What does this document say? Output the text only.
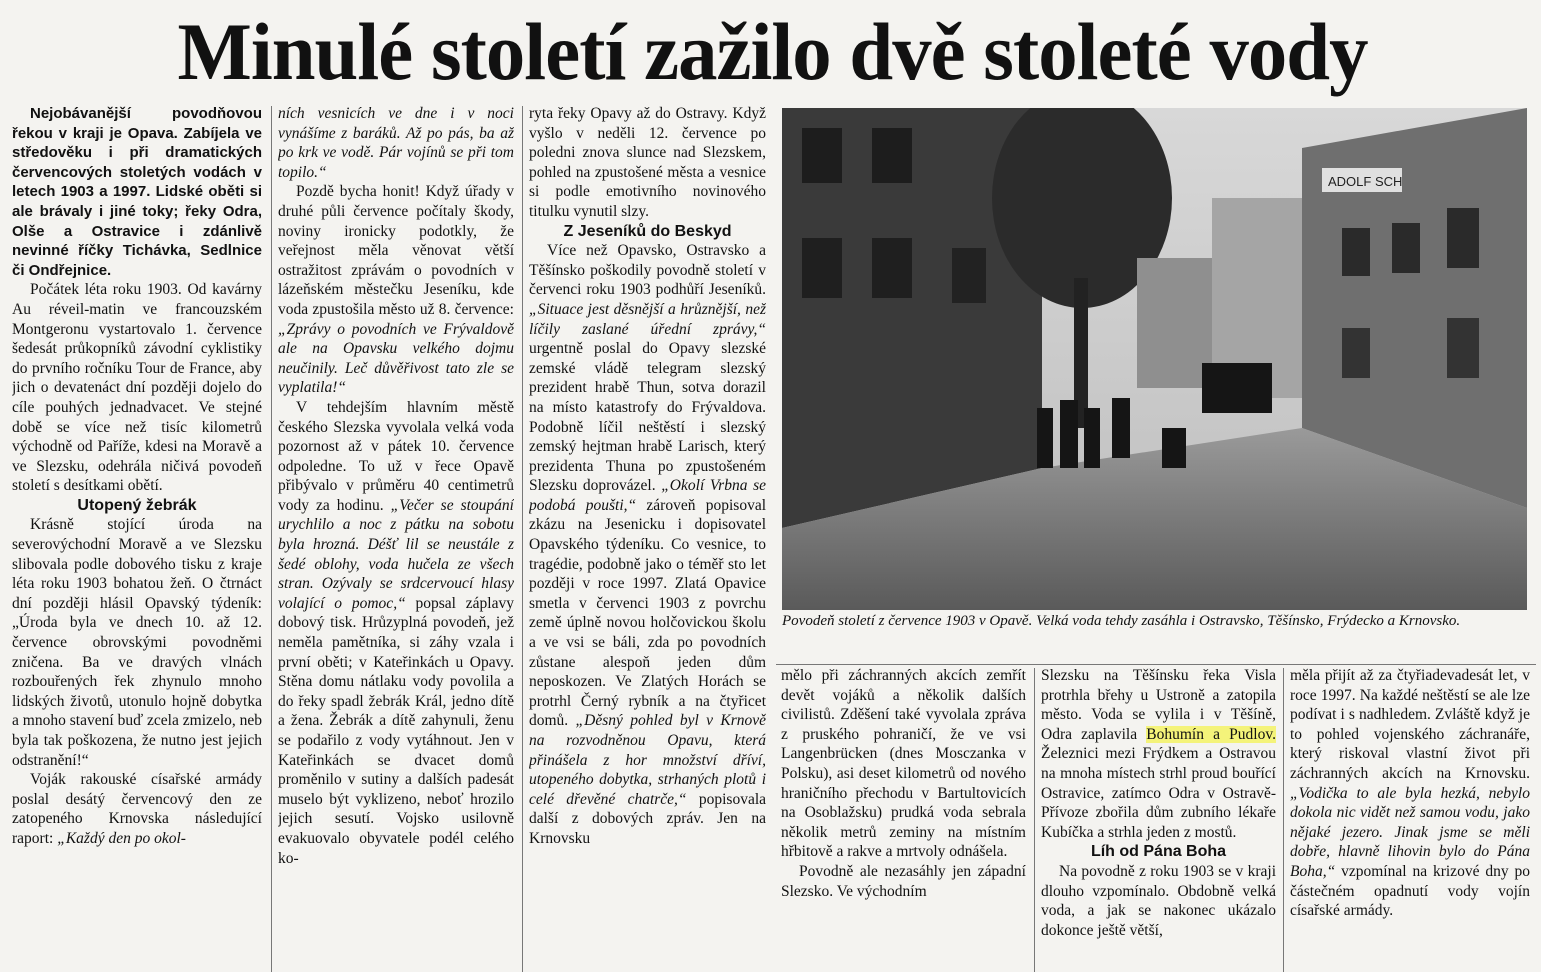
Minulé století zažilo dvě stoleté vody

Nejobávanější povodňovou řekou v kraji je Opava. Zabíjela ve středověku i při dramatických červencových stoletých vodách v letech 1903 a 1997. Lidské oběti si ale brávaly i jiné toky; řeky Odra, Olše a Ostravice i zdánlivě nevinné říčky Tichávka, Sedlnice či Ondřejnice.

Počátek léta roku 1903. Od kavárny Au réveil-matin ve francouzském Montgeronu vystartovalo 1. července šedesát průkopníků závodní cyklistiky do prvního ročníku Tour de France, aby jich o devatenáct dní později dojelo do cíle pouhých jednadvacet. Ve stejné době se více než tisíc kilometrů východně od Paříže, kdesi na Moravě a ve Slezsku, odehrála ničivá povodeň století s desítkami obětí.

Utopený žebrák

Krásně stojící úroda na severovýchodní Moravě a ve Slezsku slibovala podle dobového tisku z kraje léta roku 1903 bohatou žeň. O čtrnáct dní později hlásil Opavský týdeník: „Úroda byla ve dnech 10. až 12. července obrovskými povodněmi zničena. Ba ve dravých vlnách rozbouřených řek zhynulo mnoho lidských životů, utonulo hojně dobytka a mnoho stavení buď zcela zmizelo, neb byla tak poškozena, že nutno jest jejich odstranění!“

Voják rakouské císařské armády poslal desátý červencový den ze zatopeného Krnovska následující raport: „Každý den po okol-

ních vesnicích ve dne i v noci vynášíme z baráků. Až po pás, ba až po krk ve vodě. Pár vojínů se při tom topilo.“

Pozdě bycha honit! Když úřady v druhé půli července počítaly škody, noviny ironicky podotkly, že veřejnost měla věnovat větší ostražitost zprávám o povodních v lázeňském městečku Jeseníku, kde voda zpustošila město už 8. července: „Zprávy o povodních ve Frývaldově ale na Opavsku velkého dojmu neučinily. Leč důvěřivost tato zle se vyplatila!“

V tehdejším hlavním městě českého Slezska vyvolala velká voda pozornost až v pátek 10. července odpoledne. To už v řece Opavě přibývalo v průměru 40 centimetrů vody za hodinu. „Večer se stoupání urychlilo a noc z pátku na sobotu byla hrozná. Déšť lil se neustále z šedé oblohy, voda hučela ze všech stran. Ozývaly se srdcervoucí hlasy volající o pomoc,“ popsal záplavy dobový tisk. Hrůzyplná povodeň, jež neměla pamětníka, si záhy vzala i první oběti; v Kateřinkách u Opavy. Stěna domu nátlaku vody povolila a do řeky spadl žebrák Král, jedno dítě a žena. Žebrák a dítě zahynuli, ženu se podařilo z vody vytáhnout. Jen v Kateřinkách se dvacet domů proměnilo v sutiny a dalších padesát muselo být vyklizeno, neboť hrozilo jejich sesutí. Vojsko usilovně evakuovalo obyvatele podél celého ko-

ryta řeky Opavy až do Ostravy. Když vyšlo v neděli 12. července po poledni znova slunce nad Slezskem, pohled na zpustošené města a vesnice si podle emotivního novinového titulku vynutil slzy.

Z Jeseníků do Beskyd

Více než Opavsko, Ostravsko a Těšínsko poškodily povodně století v červenci roku 1903 podhůří Jeseníků. „Situace jest děsnější a hrůznější, než líčily zaslané úřední zprávy,“ urgentně poslal do Opavy slezské zemské vládě telegram slezský prezident hrabě Thun, sotva dorazil na místo katastrofy do Frývaldova. Podobně líčil neštěstí i slezský zemský hejtman hrabě Larisch, který prezidenta Thuna po zpustošeném Slezsku doprovázel. „Okolí Vrbna se podobá poušti,“ zároveň popisoval zkázu na Jesenicku i dopisovatel Opavského týdeníku. Co vesnice, to tragédie, podobně jako o téměř sto let později v roce 1997. Zlatá Opavice smetla v červenci 1903 z povrchu země úplně novou holčovickou školu a ve vsi se báli, zda po povodních zůstane alespoň jeden dům neposkozen. Ve Zlatých Horách se protrhl Černý rybník a na čtyřicet domů. „Děsný pohled byl v Krnově na rozvodněnou Opavu, která přinášela z hor množství dříví, utopeného dobytka, strhaných plotů i celé dřevěné chatrče,“ popisovala další z dobových zpráv. Jen na Krnovsku

ADOLF SCH
Povodeň století z července 1903 v Opavě. Velká voda tehdy zasáhla i Ostravsko, Těšínsko, Frýdecko a Krnovsko.

mělo při záchranných akcích zemřít devět vojáků a několik dalších civilistů. Zděšení také vyvolala zpráva z pruského pohraničí, že ve vsi Langenbrücken (dnes Mosczanka v Polsku), asi deset kilometrů od nového hraničního přechodu v Bartultovicích na Osoblažsku) prudká voda sebrala několik metrů zeminy na místním hřbitově a rakve a mrtvoly odnášela.

Povodně ale nezasáhly jen západní Slezsko. Ve východním

Slezsku na Těšínsku řeka Visla protrhla břehy u Ustroně a zatopila město. Voda se vylila i v Těšíně, Odra zaplavila Bohumín a Pudlov. Železnici mezi Frýdkem a Ostravou na mnoha místech strhl proud bouřící Ostravice, zatímco Odra v Ostravě-Přívoze zbořila dům zubního lékaře Kubíčka a strhla jeden z mostů.

Líh od Pána Boha

Na povodně z roku 1903 se v kraji dlouho vzpomínalo. Obdobně velká voda, a jak se nakonec ukázalo dokonce ještě větší,

měla přijít až za čtyřiadevadesát let, v roce 1997. Na každé neštěstí se ale lze podívat i s nadhledem. Zvláště když je to pohled vojenského záchranáře, který riskoval vlastní život při záchranných akcích na Krnovsku. „Vodička to ale byla hezká, nebylo dokola nic vidět než samou vodu, jako nějaké jezero. Jinak jsme se měli dobře, hlavně lihovin bylo do Pána Boha,“ vzpomínal na krizové dny po částečném opadnutí vody vojín císařské armády.
